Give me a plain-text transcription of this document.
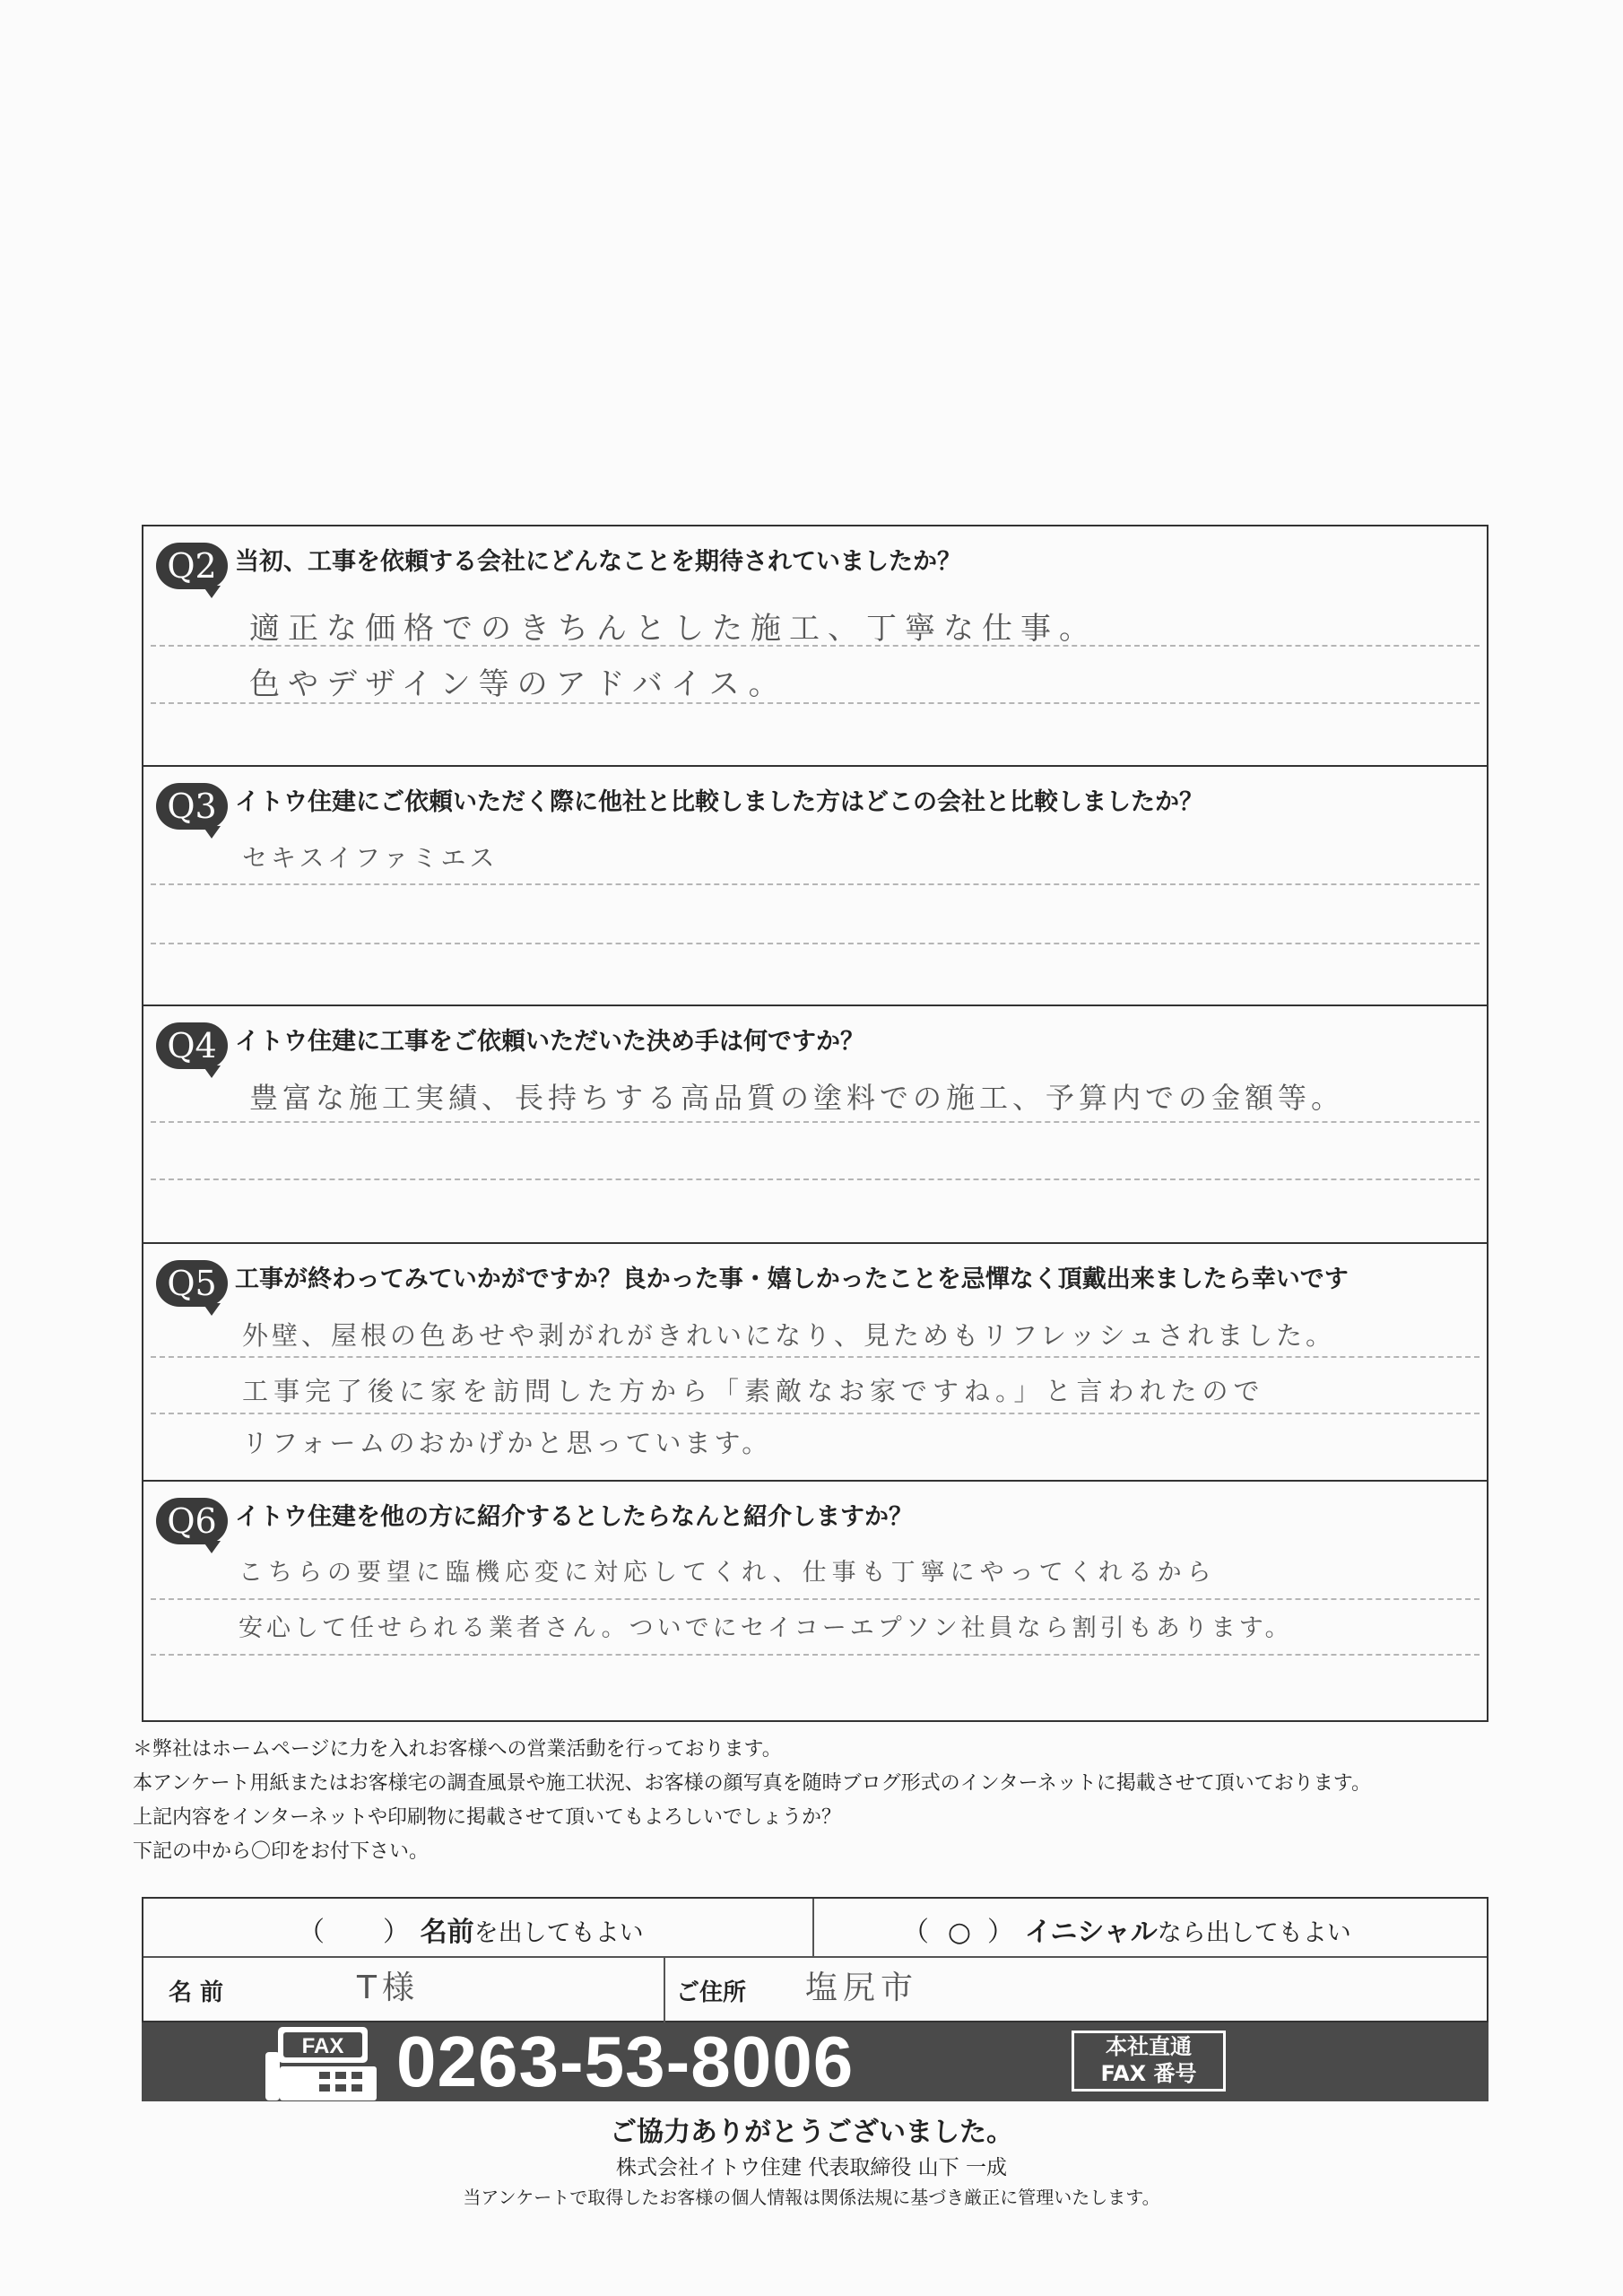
Q2 当初、工事を依頼する会社にどんなことを期待されていましたか？
適正な価格でのきちんとした施工、丁寧な仕事。
色やデザイン等のアドバイス。
Q3 イトウ住建にご依頼いただく際に他社と比較しました方はどこの会社と比較しましたか？
セキスイファミエス
Q4 イトウ住建に工事をご依頼いただいた決め手は何ですか？
豊富な施工実績、長持ちする高品質の塗料での施工、予算内での金額等。
Q5 工事が終わってみていかがですか？良かった事・嬉しかったことを忌憚なく頂戴出来ましたら幸いです
外壁、屋根の色あせや剥がれがきれいになり、見ためもリフレッシュされました。
工事完了後に家を訪問した方から「素敵なお家ですね。」と言われたので
リフォームのおかげかと思っています。
Q6 イトウ住建を他の方に紹介するとしたらなんと紹介しますか？
こちらの要望に臨機応変に対応してくれ、仕事も丁寧にやってくれるから
安心して任せられる業者さん。ついでにセイコーエプソン社員なら割引もあります。
＊弊社はホームページに力を入れお客様への営業活動を行っております。
本アンケート用紙またはお客様宅の調査風景や施工状況、お客様の顔写真を随時ブログ形式のインターネットに掲載させて頂いております。
上記内容をインターネットや印刷物に掲載させて頂いてもよろしいでしょうか？
下記の中から〇印をお付下さい。
（ ） 名前を出してもよい	（ ○ ） イニシャルなら出してもよい
名 前	T様	ご住所 塩尻市
FAX 0263-53-8006	本社直通
FAX 番号
ご協力ありがとうございました。
株式会社イトウ住建 代表取締役 山下 一成
当アンケートで取得したお客様の個人情報は関係法規に基づき厳正に管理いたします。
